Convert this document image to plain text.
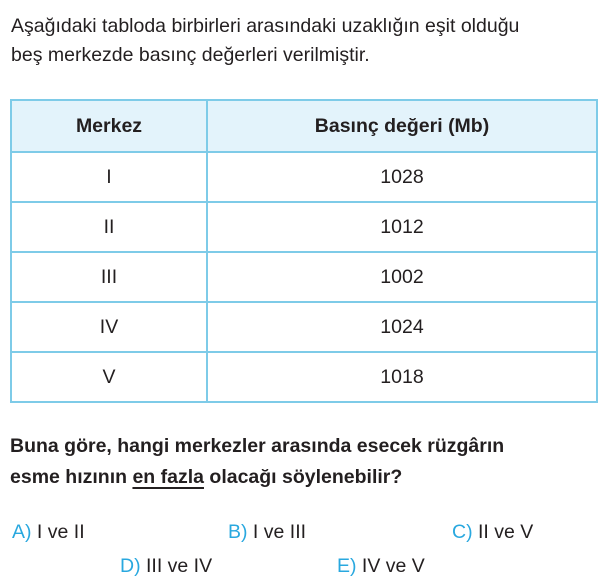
Aşağıdaki tabloda birbirleri arasındaki uzaklığın eşit olduğu
beş merkezde basınç değerleri verilmiştir.
Merkez	Basınç değeri (Mb)
I	1028
II	1012
III	1002
IV	1024
V	1018
Buna göre, hangi merkezler arasında esecek rüzgârın
esme hızının en fazla olacağı söylenebilir?
A) I ve II	B) I ve III	C) II ve V
D) III ve IV	E) IV ve V
